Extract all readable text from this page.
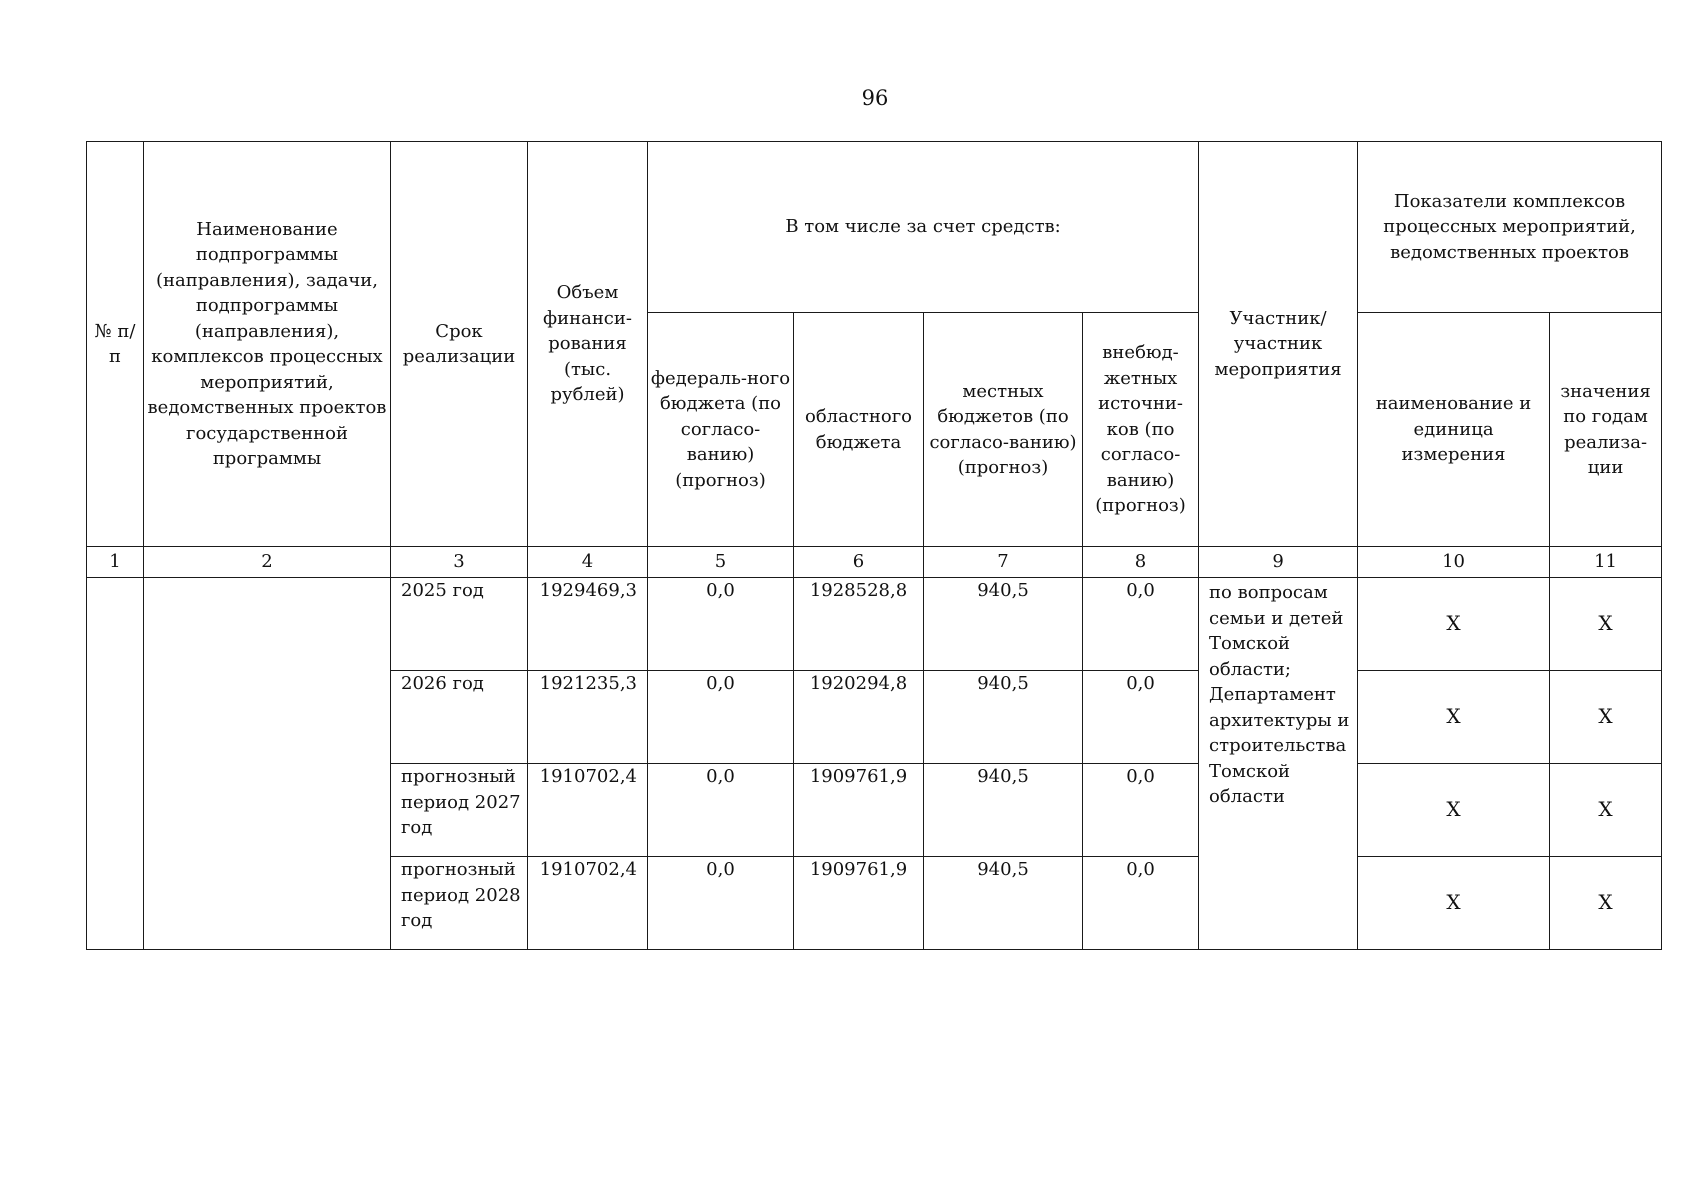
96
№ п/п	Наименование подпрограммы (направления), задачи, подпрограммы (направления), комплексов процессных мероприятий, ведомственных проектов государственной программы	Срок реализации	Объем финанси-рования (тыс. рублей)	В том числе за счет средств:				Участник/ участник мероприятия	Показатели комплексов процессных мероприятий, ведомственных проектов	
				федераль-ного бюджета (по согласо-ванию) (прогноз)	областного бюджета	местных бюджетов (по согласо-ванию) (прогноз)	внебюд-жетных источни-ков (по согласо-ванию) (прогноз)		наименование и единица измерения	значения по годам реализа-ции
1	2	3	4	5	6	7	8	9	10	11
		2025 год	1929469,3	0,0	1928528,8	940,5	0,0	по вопросам семьи и детей Томской области; Департамент архитектуры и строительства Томской области	Х	Х
		2026 год	1921235,3	0,0	1920294,8	940,5	0,0		Х	Х
		прогнозный период 2027 год	1910702,4	0,0	1909761,9	940,5	0,0		Х	Х
		прогнозный период 2028 год	1910702,4	0,0	1909761,9	940,5	0,0		Х	Х
